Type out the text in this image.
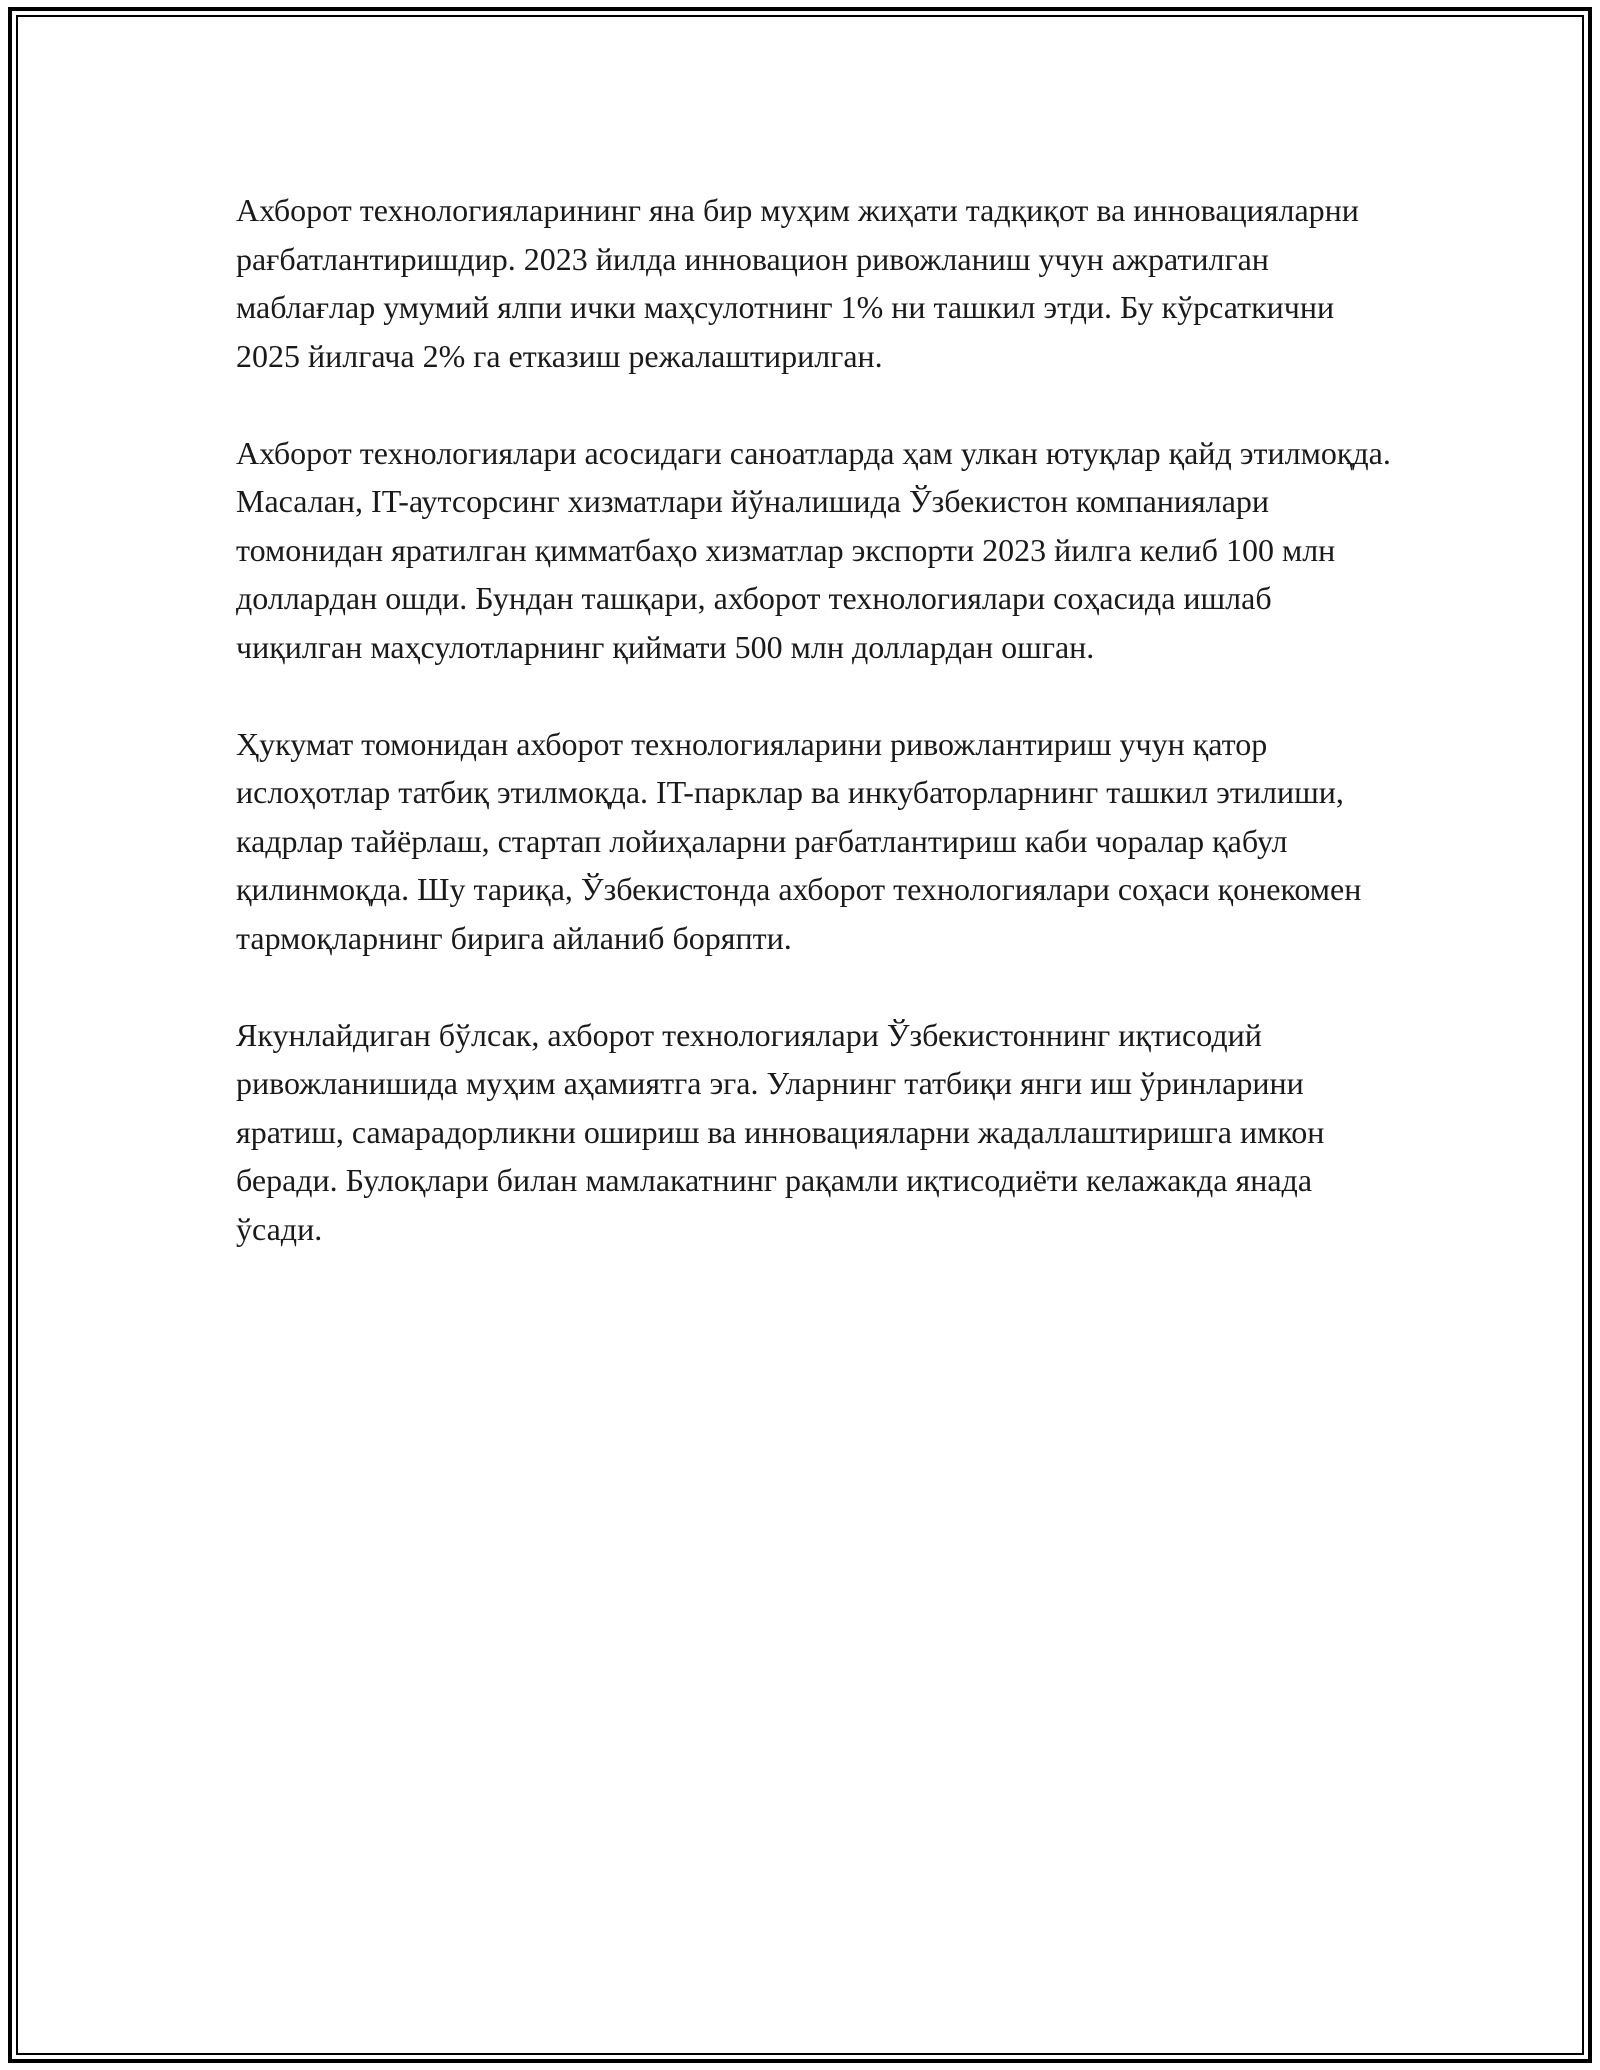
Ахборот технологияларининг яна бир муҳим жиҳати тадқиқот ва инновацияларни рағбатлантиришдир. 2023 йилда инновацион ривожланиш учун ажратилган маблағлар умумий ялпи ички маҳсулотнинг 1% ни ташкил этди. Бу кўрсаткични 2025 йилгача 2% га етказиш режалаштирилган.

Ахборот технологиялари асосидаги саноатларда ҳам улкан ютуқлар қайд этилмоқда. Масалан, IT-аутсорсинг хизматлари йўналишида Ўзбекистон компаниялари томонидан яратилган қимматбаҳо хизматлар экспорти 2023 йилга келиб 100 млн доллардан ошди. Бундан ташқари, ахборот технологиялари соҳасида ишлаб чиқилган маҳсулотларнинг қиймати 500 млн доллардан ошган.

Ҳукумат томонидан ахборот технологияларини ривожлантириш учун қатор ислоҳотлар татбиқ этилмоқда. IT-парклар ва инкубаторларнинг ташкил этилиши, кадрлар тайёрлаш, стартап лойиҳаларни рағбатлантириш каби чоралар қабул қилинмоқда. Шу тариқа, Ўзбекистонда ахборот технологиялари соҳаси қонекомен тармоқларнинг бирига айланиб боряпти.

Якунлайдиган бўлсак, ахборот технологиялари Ўзбекистоннинг иқтисодий ривожланишида муҳим аҳамиятга эга. Уларнинг татбиқи янги иш ўринларини яратиш, самарадорликни ошириш ва инновацияларни жадаллаштиришга имкон беради. Булоқлари билан мамлакатнинг рақамли иқтисодиёти келажакда янада ўсади.
